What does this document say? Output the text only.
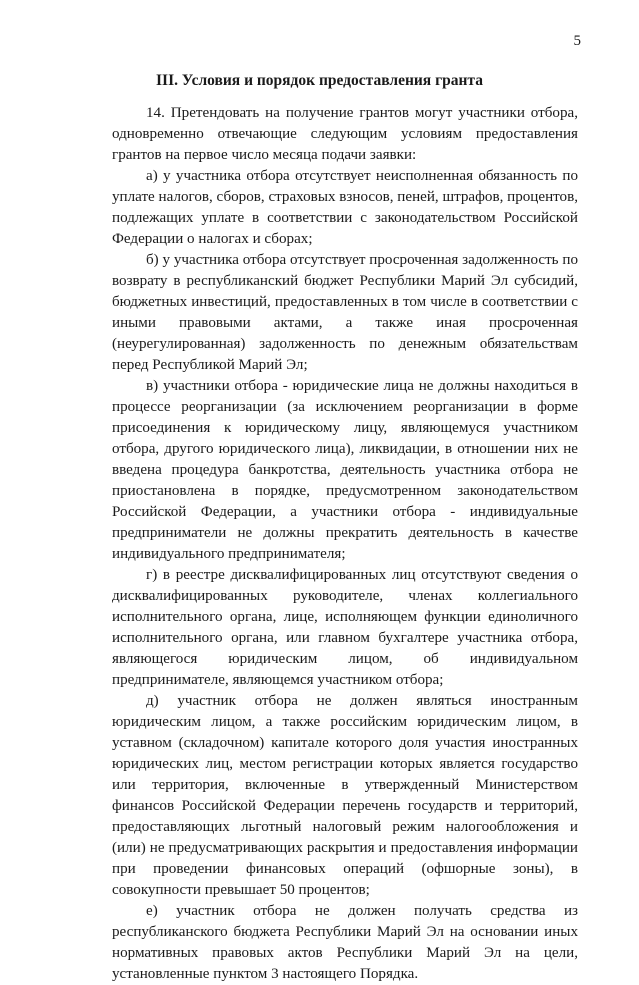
5
III. Условия и порядок предоставления гранта

14. Претендовать на получение грантов могут участники отбора, одновременно отвечающие следующим условиям предоставления грантов на первое число месяца подачи заявки:

а) у участника отбора отсутствует неисполненная обязанность по уплате налогов, сборов, страховых взносов, пеней, штрафов, процентов, подлежащих уплате в соответствии с законодательством Российской Федерации о налогах и сборах;

б) у участника отбора отсутствует просроченная задолженность по возврату в республиканский бюджет Республики Марий Эл субсидий, бюджетных инвестиций, предоставленных в том числе в соответствии с иными правовыми актами, а также иная просроченная (неурегулированная) задолженность по денежным обязательствам перед Республикой Марий Эл;

в) участники отбора - юридические лица не должны находиться в процессе реорганизации (за исключением реорганизации в форме присоединения к юридическому лицу, являющемуся участником отбора, другого юридического лица), ликвидации, в отношении них не введена процедура банкротства, деятельность участника отбора не приостановлена в порядке, предусмотренном законодательством Российской Федерации, а участники отбора - индивидуальные предприниматели не должны прекратить деятельность в качестве индивидуального предпринимателя;

г) в реестре дисквалифицированных лиц отсутствуют сведения о дисквалифицированных руководителе, членах коллегиального исполнительного органа, лице, исполняющем функции единоличного исполнительного органа, или главном бухгалтере участника отбора, являющегося юридическим лицом, об индивидуальном предпринимателе, являющемся участником отбора;

д) участник отбора не должен являться иностранным юридическим лицом, а также российским юридическим лицом, в уставном (складочном) капитале которого доля участия иностранных юридических лиц, местом регистрации которых является государство или территория, включенные в утвержденный Министерством финансов Российской Федерации перечень государств и территорий, предоставляющих льготный налоговый режим налогообложения и (или) не предусматривающих раскрытия и предоставления информации при проведении финансовых операций (офшорные зоны), в совокупности превышает 50 процентов;

е) участник отбора не должен получать средства из республиканского бюджета Республики Марий Эл на основании иных нормативных правовых актов Республики Марий Эл на цели, установленные пунктом 3 настоящего Порядка.
